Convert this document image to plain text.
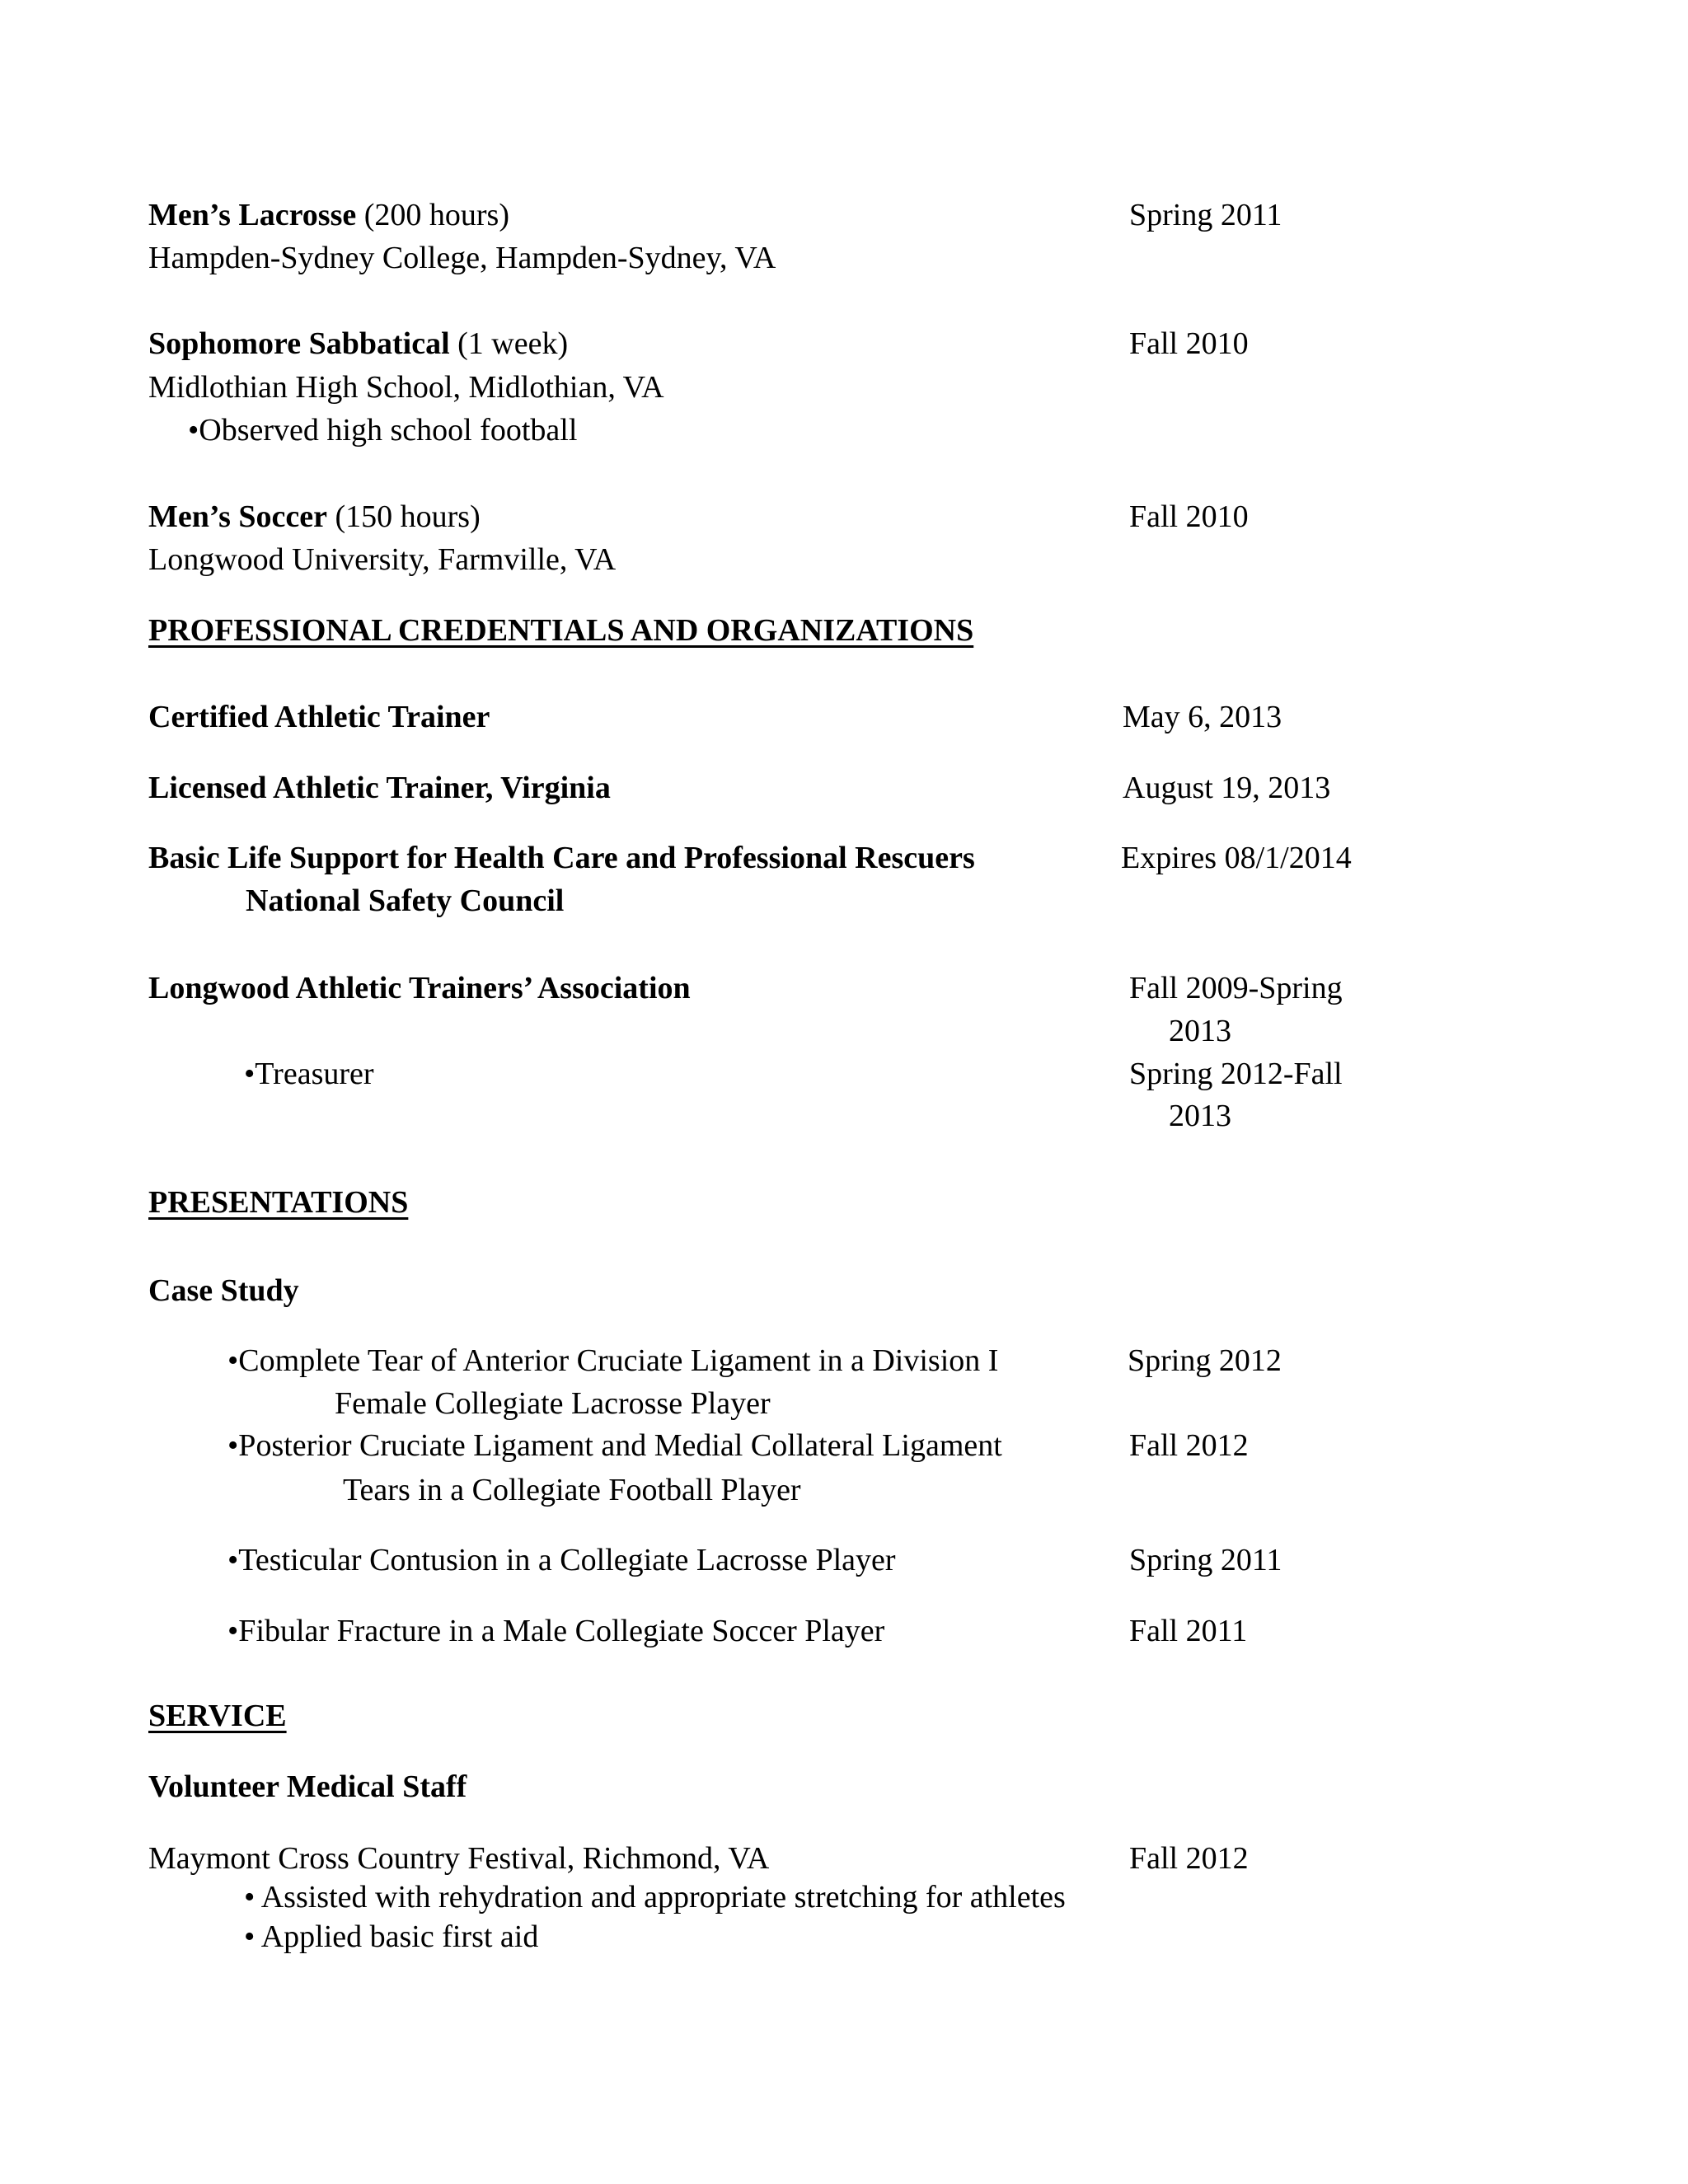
Men’s Lacrosse (200 hours)	Spring 2011
Hampden-Sydney College, Hampden-Sydney, VA
Sophomore Sabbatical (1 week)	Fall 2010
Midlothian High School, Midlothian, VA
•Observed high school football
Men’s Soccer (150 hours)	Fall 2010
Longwood University, Farmville, VA
PROFESSIONAL CREDENTIALS AND ORGANIZATIONS
Certified Athletic Trainer	May 6, 2013
Licensed Athletic Trainer, Virginia	August 19, 2013
Basic Life Support for Health Care and Professional Rescuers	Expires 08/1/2014
National Safety Council
Longwood Athletic Trainers’ Association	Fall 2009-Spring
2013
•Treasurer	Spring 2012-Fall
2013
PRESENTATIONS
Case Study
•Complete Tear of Anterior Cruciate Ligament in a Division I	Spring 2012
Female Collegiate Lacrosse Player
•Posterior Cruciate Ligament and Medial Collateral Ligament	Fall 2012
Tears in a Collegiate Football Player
•Testicular Contusion in a Collegiate Lacrosse Player	Spring 2011
•Fibular Fracture in a Male Collegiate Soccer Player	Fall 2011
SERVICE
Volunteer Medical Staff
Maymont Cross Country Festival, Richmond, VA	Fall 2012
• Assisted with rehydration and appropriate stretching for athletes
• Applied basic first aid
